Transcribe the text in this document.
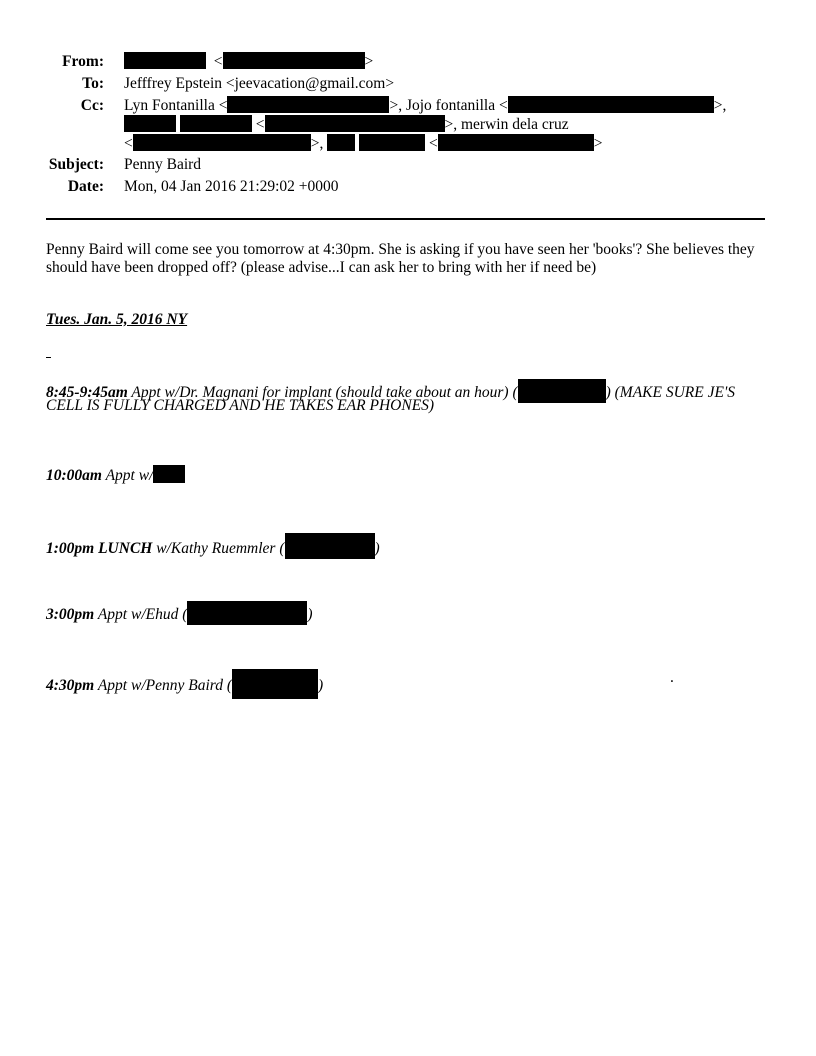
From:	<	>
To: Jefffrey Epstein <jeevacation@gmail.com>
Cc: Lyn Fontanilla <	>, Jojo fontanilla <	>,
<	>, merwin dela cruz
<	>,	<	>
Subject: Penny Baird
Date: Mon, 04 Jan 2016 21:29:02 +0000
Penny Baird will come see you tomorrow at 4:30pm. She is asking if you have seen her 'books'? She believes they should have been dropped off? (please advise...I can ask her to bring with her if need be)
Tues. Jan. 5, 2016 NY
8:45-9:45am Appt w/Dr. Magnani for implant (should take about an hour) (	) (MAKE SURE JE'S
CELL IS FULLY CHARGED AND HE TAKES EAR PHONES)
10:00am Appt w/
1:00pm LUNCH w/Kathy Ruemmler (	)
3:00pm Appt w/Ehud (	)
4:30pm Appt w/Penny Baird (	)	.
